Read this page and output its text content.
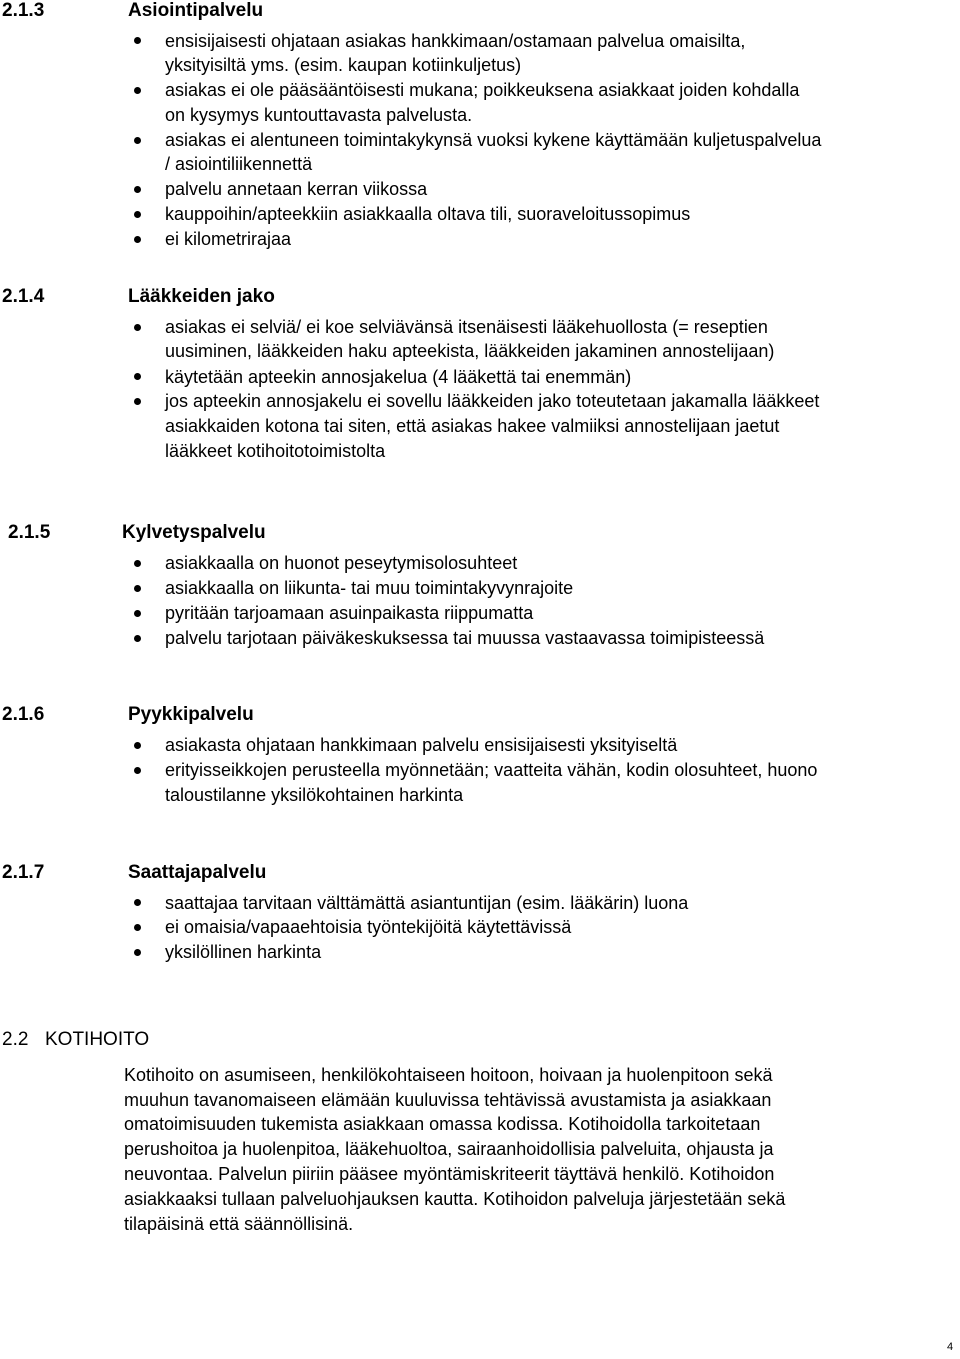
2.1.3	Asiointipalvelu
ensisijaisesti ohjataan asiakas hankkimaan/ostamaan palvelua omaisilta,
yksityisiltä yms. (esim. kaupan kotiinkuljetus)
asiakas ei ole pääsääntöisesti mukana; poikkeuksena asiakkaat joiden kohdalla
on kysymys kuntouttavasta palvelusta.
asiakas ei alentuneen toimintakykynsä vuoksi kykene käyttämään kuljetuspalvelua
/ asiointiliikennettä
palvelu annetaan kerran viikossa
kauppoihin/apteekkiin asiakkaalla oltava tili, suoraveloitussopimus
ei kilometrirajaa
2.1.4	Lääkkeiden jako
asiakas ei selviä/ ei koe selviävänsä itsenäisesti lääkehuollosta (= reseptien
uusiminen, lääkkeiden haku apteekista, lääkkeiden jakaminen annostelijaan)
käytetään apteekin annosjakelua (4 lääkettä tai enemmän)
jos apteekin annosjakelu ei sovellu lääkkeiden jako toteutetaan jakamalla lääkkeet
asiakkaiden kotona tai siten, että asiakas hakee valmiiksi annostelijaan jaetut
lääkkeet kotihoitotoimistolta
2.1.5	Kylvetyspalvelu
asiakkaalla on huonot peseytymisolosuhteet
asiakkaalla on liikunta- tai muu toimintakyvynrajoite
pyritään tarjoamaan asuinpaikasta riippumatta
palvelu tarjotaan päiväkeskuksessa tai muussa vastaavassa toimipisteessä
2.1.6	Pyykkipalvelu
asiakasta ohjataan hankkimaan palvelu ensisijaisesti yksityiseltä
erityisseikkojen perusteella myönnetään; vaatteita vähän, kodin olosuhteet, huono
taloustilanne yksilökohtainen harkinta
2.1.7	Saattajapalvelu
saattajaa tarvitaan välttämättä asiantuntijan (esim. lääkärin) luona
ei omaisia/vapaaehtoisia työntekijöitä käytettävissä
yksilöllinen harkinta
2.2 KOTIHOITO
Kotihoito on asumiseen, henkilökohtaiseen hoitoon, hoivaan ja huolenpitoon sekä
muuhun tavanomaiseen elämään kuuluvissa tehtävissä avustamista ja asiakkaan
omatoimisuuden tukemista asiakkaan omassa kodissa. Kotihoidolla tarkoitetaan
perushoitoa ja huolenpitoa, lääkehuoltoa, sairaanhoidollisia palveluita, ohjausta ja
neuvontaa. Palvelun piiriin pääsee myöntämiskriteerit täyttävä henkilö. Kotihoidon
asiakkaaksi tullaan palveluohjauksen kautta. Kotihoidon palveluja järjestetään sekä
tilapäisinä että säännöllisinä.
4
